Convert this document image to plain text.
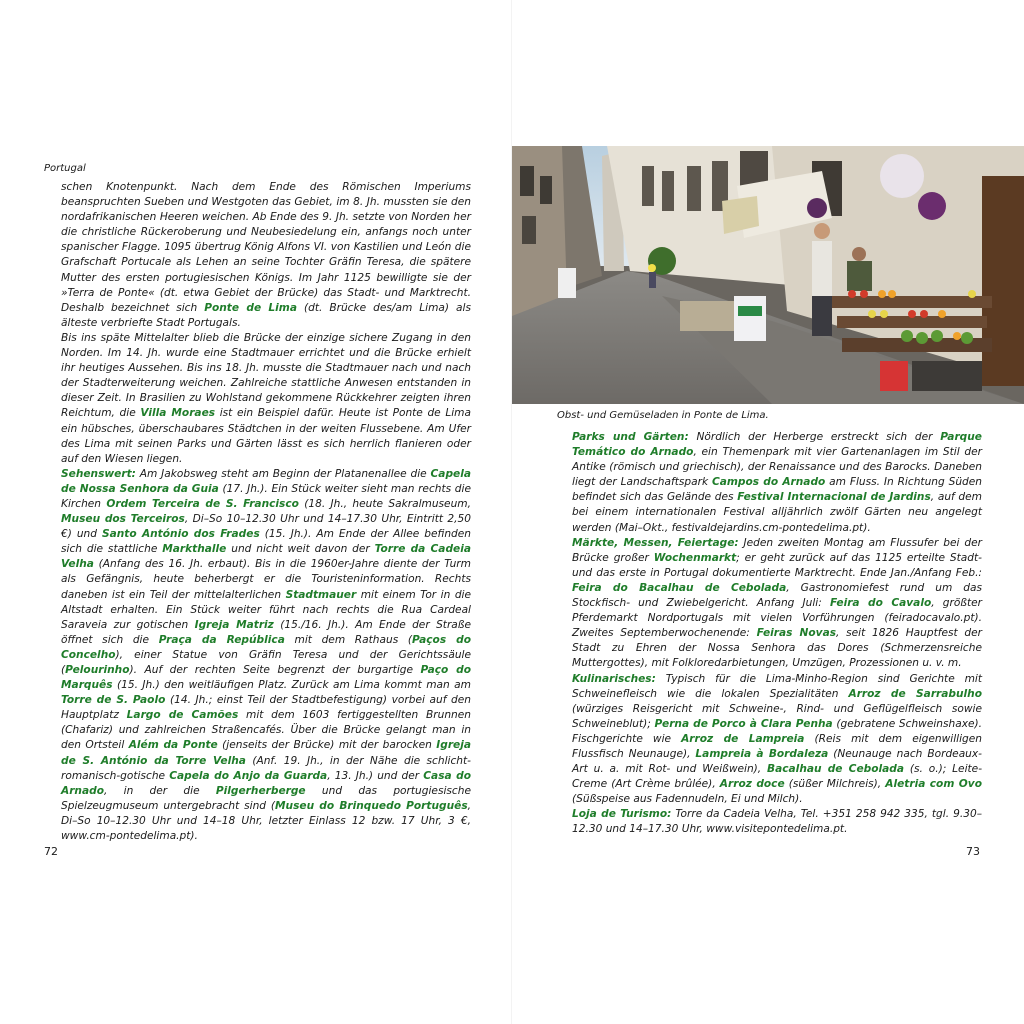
Portugal

schen Knotenpunkt. Nach dem Ende des Römischen Imperiums beanspruchten Sueben und Westgoten das Gebiet, im 8. Jh. mussten sie den nordafrikanischen Heeren weichen. Ab Ende des 9. Jh. setzte von Norden her die christliche Rückeroberung und Neubesiedelung ein, anfangs noch unter spanischer Flagge. 1095 übertrug König Alfons VI. von Kastilien und León die Grafschaft Portucale als Lehen an seine Tochter Gräfin Teresa, die spätere Mutter des ersten portugiesischen Königs. Im Jahr 1125 bewilligte sie der »Terra de Ponte« (dt. etwa Gebiet der Brücke) das Stadt- und Marktrecht. Deshalb bezeichnet sich Ponte de Lima (dt. Brücke des/am Lima) als älteste verbriefte Stadt Portugals.

Bis ins späte Mittelalter blieb die Brücke der einzige sichere Zugang in den Norden. Im 14. Jh. wurde eine Stadtmauer errichtet und die Brücke erhielt ihr heutiges Aussehen. Bis ins 18. Jh. musste die Stadtmauer nach und nach der Stadterweiterung weichen. Zahlreiche stattliche Anwesen entstanden in dieser Zeit. In Brasilien zu Wohlstand gekommene Rückkehrer zeigten ihren Reichtum, die Villa Moraes ist ein Beispiel dafür. Heute ist Ponte de Lima ein hübsches, überschaubares Städtchen in der weiten Flussebene. Am Ufer des Lima mit seinen Parks und Gärten lässt es sich herrlich flanieren oder auf den Wiesen liegen.

Sehenswert: Am Jakobsweg steht am Beginn der Platanenallee die Capela de Nossa Senhora da Guia (17. Jh.). Ein Stück weiter sieht man rechts die Kirchen Ordem Terceira de S. Francisco (18. Jh., heute Sakralmuseum, Museu dos Terceiros, Di–So 10–12.30 Uhr und 14–17.30 Uhr, Eintritt 2,50 €) und Santo António dos Frades (15. Jh.). Am Ende der Allee befinden sich die stattliche Markthalle und nicht weit davon der Torre da Cadeia Velha (Anfang des 16. Jh. erbaut). Bis in die 1960er-Jahre diente der Turm als Gefängnis, heute beherbergt er die Touristeninformation. Rechts daneben ist ein Teil der mittelalterlichen Stadtmauer mit einem Tor in die Altstadt erhalten. Ein Stück weiter führt nach rechts die Rua Cardeal Saraveia zur gotischen Igreja Matriz (15./16. Jh.). Am Ende der Straße öffnet sich die Praça da República mit dem Rathaus (Paços do Concelho), einer Statue von Gräfin Teresa und der Gerichtssäule (Pelourinho). Auf der rechten Seite begrenzt der burgartige Paço do Marquês (15. Jh.) den weitläufigen Platz. Zurück am Lima kommt man am Torre de S. Paolo (14. Jh.; einst Teil der Stadtbefestigung) vorbei auf den Hauptplatz Largo de Camões mit dem 1603 fertiggestellten Brunnen (Chafariz) und zahlreichen Straßencafés. Über die Brücke gelangt man in den Ortsteil Além da Ponte (jenseits der Brücke) mit der barocken Igreja de S. António da Torre Velha (Anf. 19. Jh., in der Nähe die schlicht-romanisch-gotische Capela do Anjo da Guarda, 13. Jh.) und der Casa do Arnado, in der die Pilgerherberge und das portugiesische Spielzeugmuseum untergebracht sind (Museu do Brinquedo Português, Di–So 10–12.30 Uhr und 14–18 Uhr, letzter Einlass 12 bzw. 17 Uhr, 3 €, www.cm-pontedelima.pt).

72

Obst- und Gemüseladen in Ponte de Lima.

Parks und Gärten: Nördlich der Herberge erstreckt sich der Parque Temático do Arnado, ein Themenpark mit vier Gartenanlagen im Stil der Antike (römisch und griechisch), der Renaissance und des Barocks. Daneben liegt der Landschaftspark Campos do Arnado am Fluss. In Richtung Süden befindet sich das Gelände des Festival Internacional de Jardins, auf dem bei einem internationalen Festival alljährlich zwölf Gärten neu angelegt werden (Mai–Okt., festivaldejardins.cm-pontedelima.pt).

Märkte, Messen, Feiertage: Jeden zweiten Montag am Flussufer bei der Brücke großer Wochenmarkt; er geht zurück auf das 1125 erteilte Stadt- und das erste in Portugal dokumentierte Marktrecht. Ende Jan./Anfang Feb.: Feira do Bacalhau de Cebolada, Gastronomiefest rund um das Stockfisch- und Zwiebelgericht. Anfang Juli: Feira do Cavalo, größter Pferdemarkt Nordportugals mit vielen Vorführungen (feiradocavalo.pt). Zweites Septemberwochenende: Feiras Novas, seit 1826 Hauptfest der Stadt zu Ehren der Nossa Senhora das Dores (Schmerzensreiche Muttergottes), mit Folkloredarbietungen, Umzügen, Prozessionen u. v. m.

Kulinarisches: Typisch für die Lima-Minho-Region sind Gerichte mit Schweinefleisch wie die lokalen Spezialitäten Arroz de Sarrabulho (würziges Reisgericht mit Schweine-, Rind- und Geflügelfleisch sowie Schweineblut); Perna de Porco à Clara Penha (gebratene Schweinshaxe). Fischgerichte wie Arroz de Lampreia (Reis mit dem eigenwilligen Flussfisch Neunauge), Lampreia à Bordaleza (Neunauge nach Bordeaux-Art u. a. mit Rot- und Weißwein), Bacalhau de Cebolada (s. o.); Leite-Creme (Art Crème brûlée), Arroz doce (süßer Milchreis), Aletria com Ovo (Süßspeise aus Fadennudeln, Ei und Milch).

Loja de Turismo: Torre da Cadeia Velha, Tel. +351 258 942 335, tgl. 9.30–12.30 und 14–17.30 Uhr, www.visitepontedelima.pt.

73
